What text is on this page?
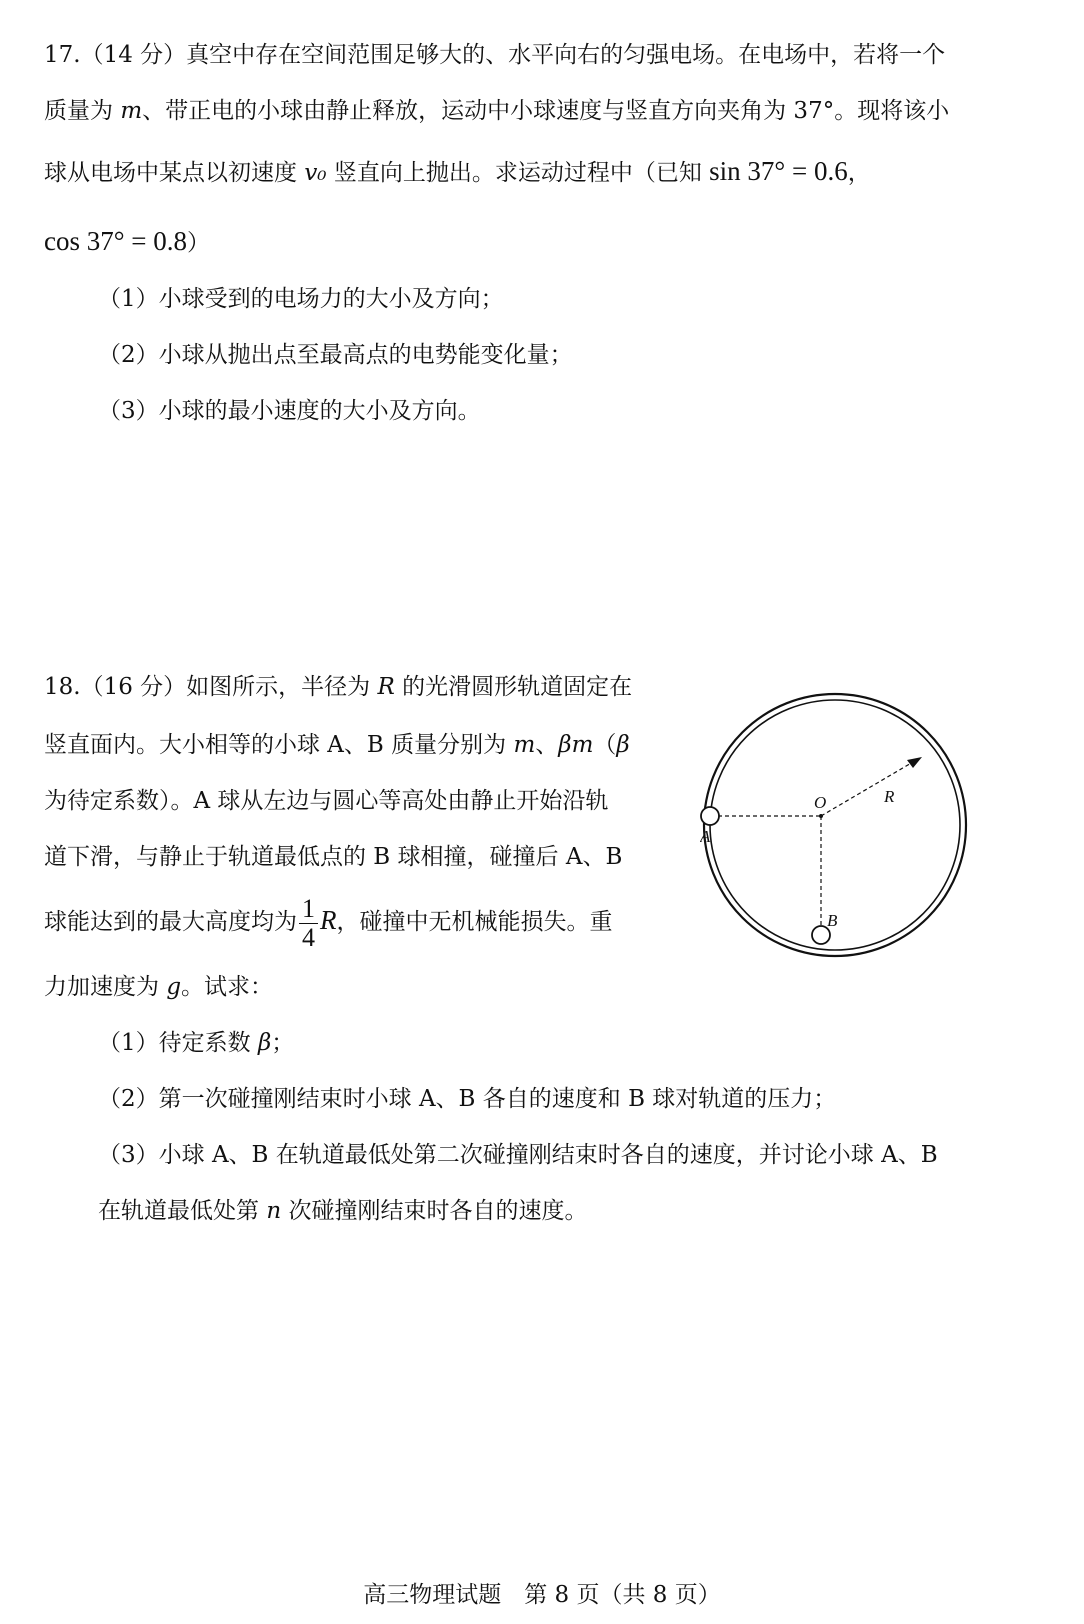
17.（14 分）真空中存在空间范围足够大的、水平向右的匀强电场。在电场中，若将一个
质量为 m、带正电的小球由静止释放，运动中小球速度与竖直方向夹角为 37°。现将该小
球从电场中某点以初速度 v₀ 竖直向上抛出。求运动过程中（已知 sin 37° = 0.6，
cos 37° = 0.8）
（1）小球受到的电场力的大小及方向；
（2）小球从抛出点至最高点的电势能变化量；
（3）小球的最小速度的大小及方向。
18.（16 分）如图所示，半径为 R 的光滑圆形轨道固定在
竖直面内。大小相等的小球 A、B 质量分别为 m、βm（β
为待定系数）。A 球从左边与圆心等高处由静止开始沿轨
道下滑，与静止于轨道最低点的 B 球相撞，碰撞后 A、B
球能达到的最大高度均为 $\frac{1}{4}$ R，碰撞中无机械能损失。重
力加速度为 g。试求：
（1）待定系数 β；
（2）第一次碰撞刚结束时小球 A、B 各自的速度和 B 球对轨道的压力；
（3）小球 A、B 在轨道最低处第二次碰撞刚结束时各自的速度，并讨论小球 A、B
在轨道最低处第 n 次碰撞刚结束时各自的速度。
O	R
A
B
高三物理试题　第 8 页（共 8 页）
